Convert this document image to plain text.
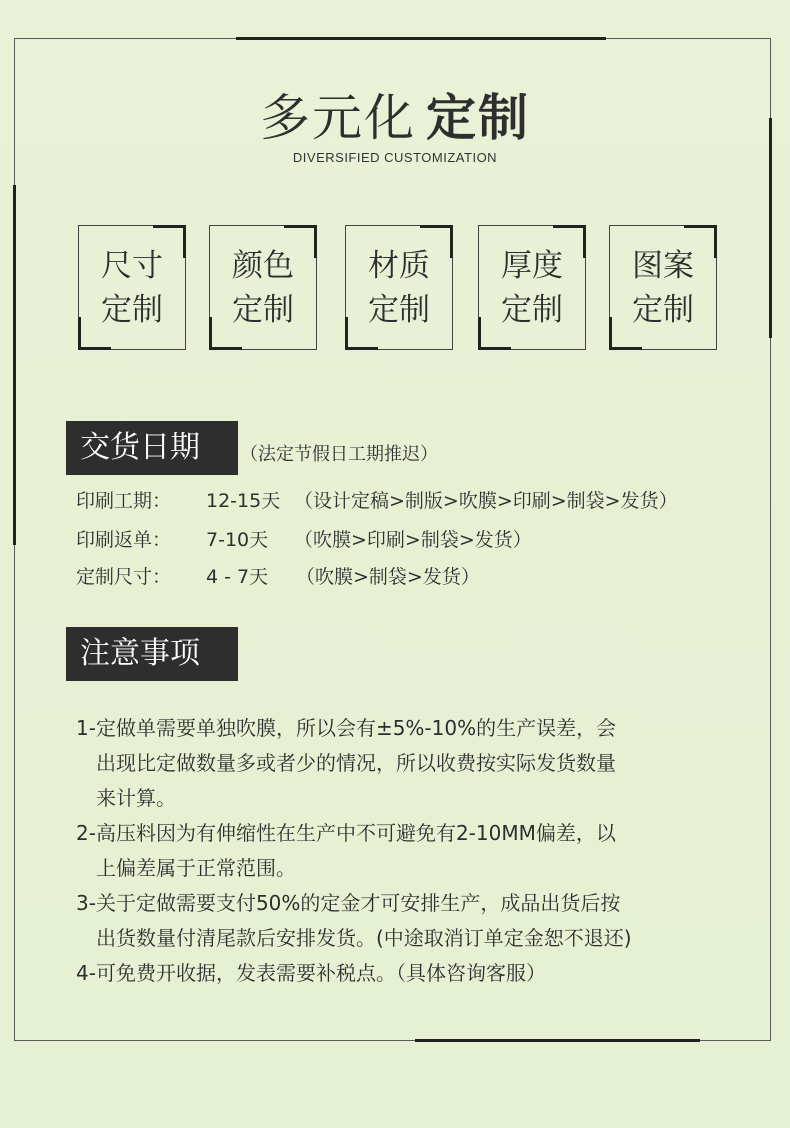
多元化 定制
DIVERSIFIED CUSTOMIZATION
尺寸
定制
颜色
定制
材质
定制
厚度
定制
图案
定制
交货日期	（法定节假日工期推迟）
印刷工期： 12-15天 （设计定稿>制版>吹膜>印刷>制袋>发货）
印刷返单： 7-10天 （吹膜>印刷>制袋>发货）
定制尺寸： 4 - 7天 （吹膜>制袋>发货）
注意事项

1-定做单需要单独吹膜，所以会有±5%-10%的生产误差，会

出现比定做数量多或者少的情况，所以收费按实际发货数量

来计算。

2-高压料因为有伸缩性在生产中不可避免有2-10MM偏差，以

上偏差属于正常范围。

3-关于定做需要支付50%的定金才可安排生产，成品出货后按

出货数量付清尾款后安排发货。(中途取消订单定金恕不退还)

4-可免费开收据，发表需要补税点。（具体咨询客服）
